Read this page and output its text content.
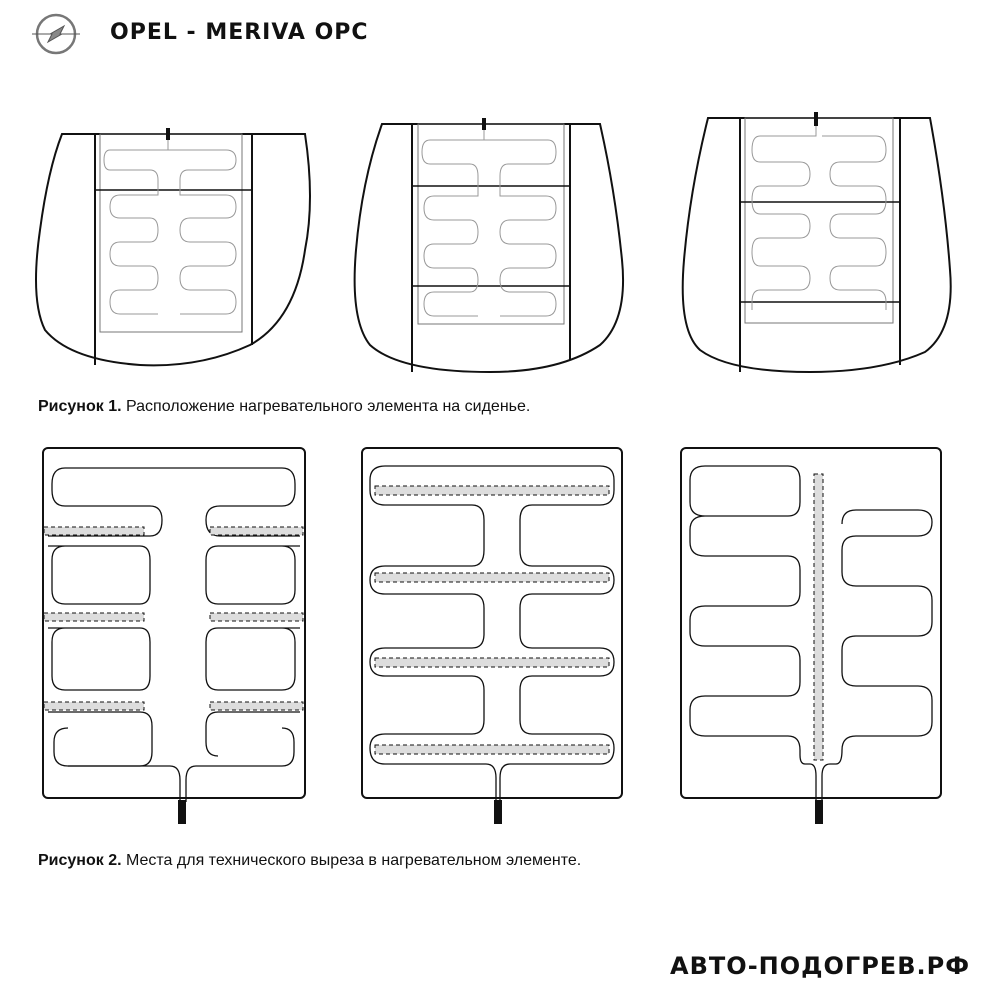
OPEL - MERIVA OPC
Рисунок 1. Расположение нагревательного элемента на сиденье.
Рисунок 2. Места для технического выреза в нагревательном элементе.
АВТО-ПОДОГРЕВ.РФ
